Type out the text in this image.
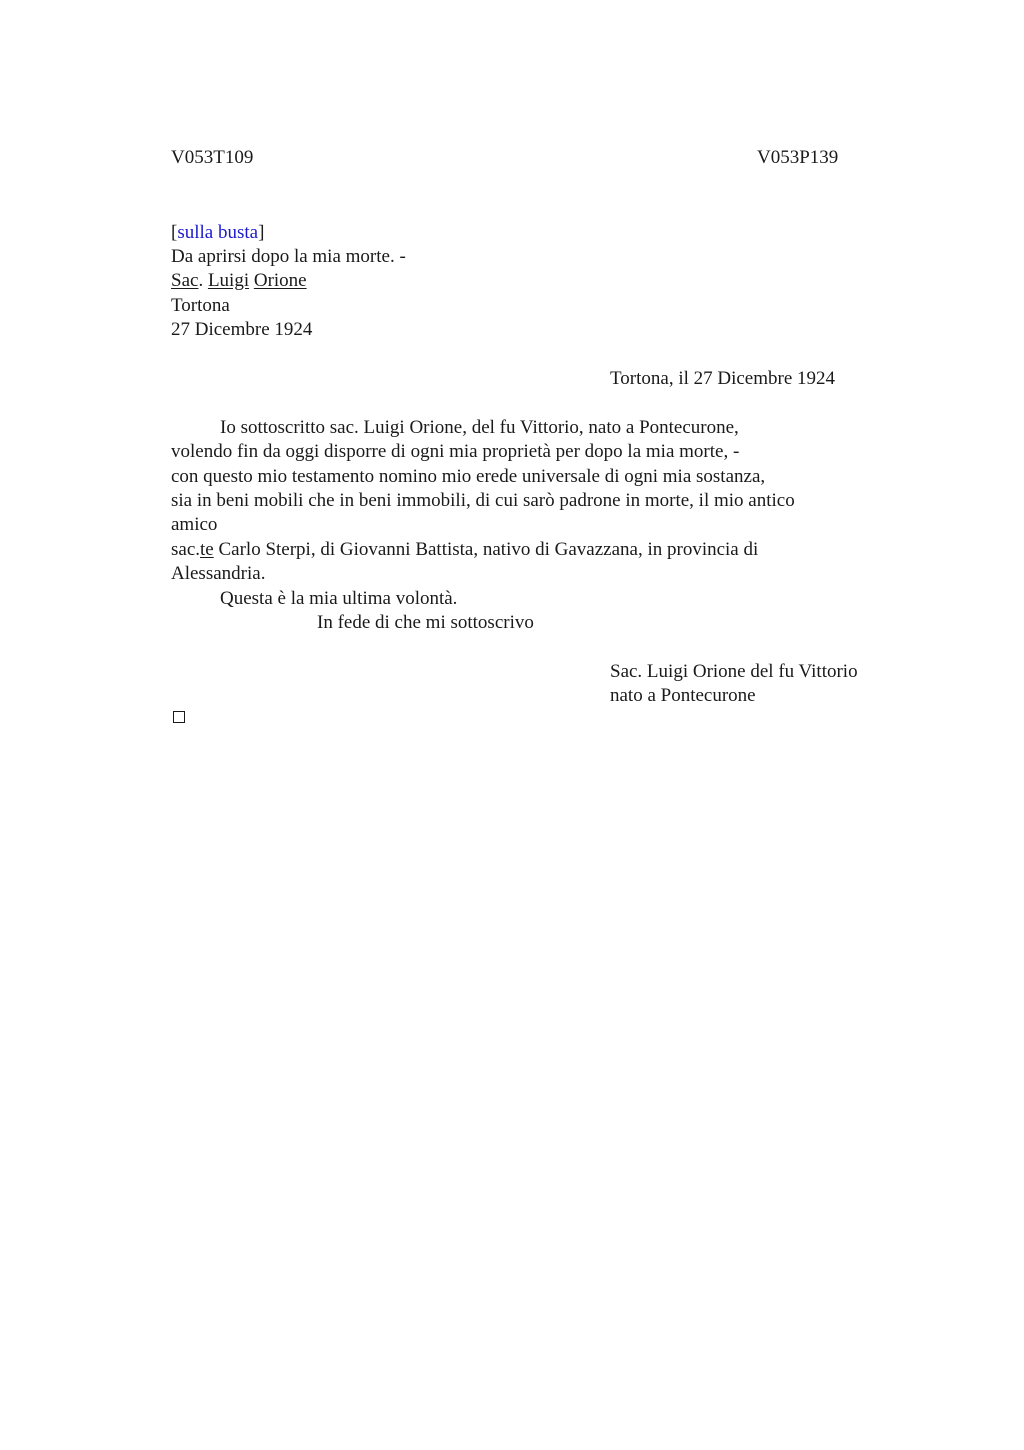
V053T109	V053P139
[sulla busta]
Da aprirsi dopo la mia morte. -
Sac. Luigi Orione
Tortona
27 Dicembre 1924
Tortona, il 27 Dicembre 1924
Io sottoscritto sac. Luigi Orione, del fu Vittorio, nato a Pontecurone,
volendo fin da oggi disporre di ogni mia proprietà per dopo la mia morte, -
con questo mio testamento nomino mio erede universale di ogni mia sostanza,
sia in beni mobili che in beni immobili, di cui sarò padrone in morte, il mio antico
amico
sac.te Carlo Sterpi, di Giovanni Battista, nativo di Gavazzana, in provincia di
Alessandria.
Questa è la mia ultima volontà.
In fede di che mi sottoscrivo
Sac. Luigi Orione del fu Vittorio
nato a Pontecurone
